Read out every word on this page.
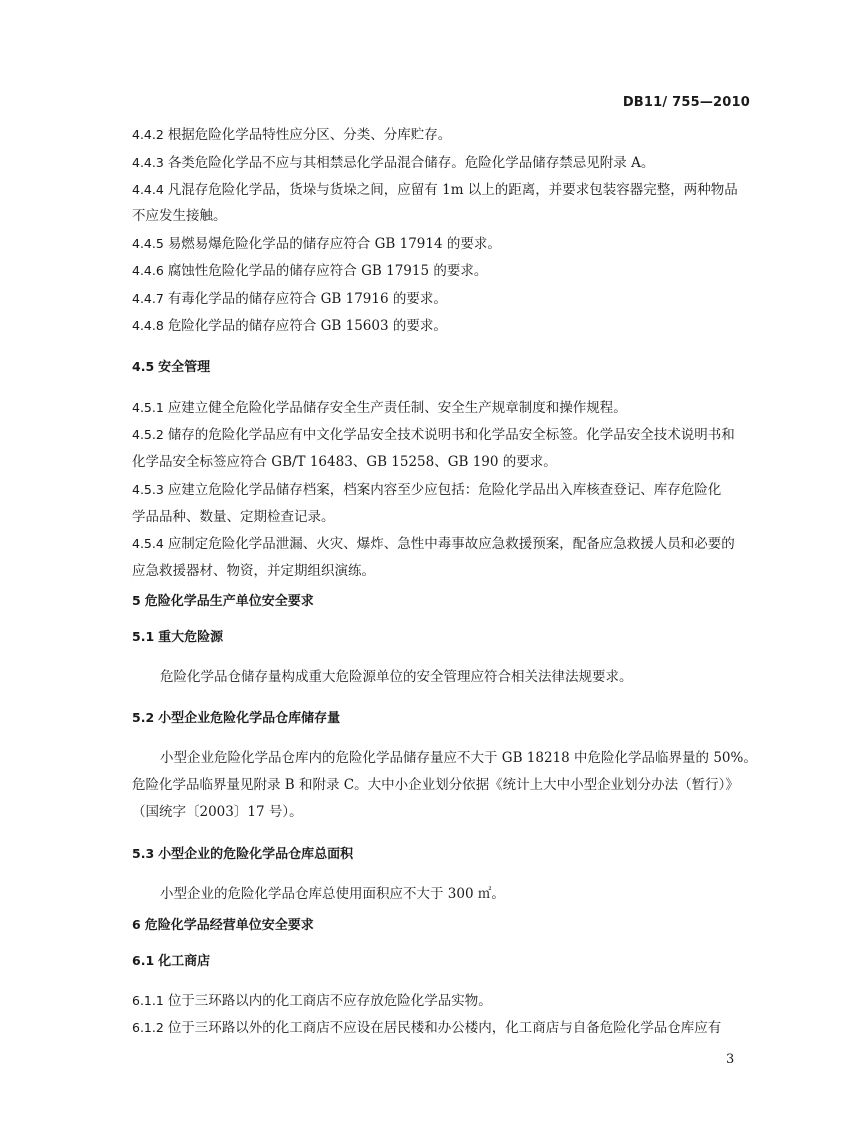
DB11/ 755—2010
4.4.2 根据危险化学品特性应分区、分类、分库贮存。
4.4.3 各类危险化学品不应与其相禁忌化学品混合储存。危险化学品储存禁忌见附录 A。
4.4.4 凡混存危险化学品，货垛与货垛之间，应留有 1m 以上的距离，并要求包装容器完整，两种物品
不应发生接触。
4.4.5 易燃易爆危险化学品的储存应符合 GB 17914 的要求。
4.4.6 腐蚀性危险化学品的储存应符合 GB 17915 的要求。
4.4.7 有毒化学品的储存应符合 GB 17916 的要求。
4.4.8 危险化学品的储存应符合 GB 15603 的要求。
4.5 安全管理
4.5.1 应建立健全危险化学品储存安全生产责任制、安全生产规章制度和操作规程。
4.5.2 储存的危险化学品应有中文化学品安全技术说明书和化学品安全标签。化学品安全技术说明书和
化学品安全标签应符合 GB/T 16483、GB 15258、GB 190 的要求。
4.5.3 应建立危险化学品储存档案，档案内容至少应包括：危险化学品出入库核查登记、库存危险化
学品品种、数量、定期检查记录。
4.5.4 应制定危险化学品泄漏、火灾、爆炸、急性中毒事故应急救援预案，配备应急救援人员和必要的
应急救援器材、物资，并定期组织演练。
5 危险化学品生产单位安全要求
5.1 重大危险源
危险化学品仓储存量构成重大危险源单位的安全管理应符合相关法律法规要求。
5.2 小型企业危险化学品仓库储存量
小型企业危险化学品仓库内的危险化学品储存量应不大于 GB 18218 中危险化学品临界量的 50%。
危险化学品临界量见附录 B 和附录 C。大中小企业划分依据《统计上大中小型企业划分办法（暂行）》
（国统字〔2003〕17 号）。
5.3 小型企业的危险化学品仓库总面积
小型企业的危险化学品仓库总使用面积应不大于 300 ㎡。
6 危险化学品经营单位安全要求
6.1 化工商店
6.1.1 位于三环路以内的化工商店不应存放危险化学品实物。
6.1.2 位于三环路以外的化工商店不应设在居民楼和办公楼内，化工商店与自备危险化学品仓库应有
3
